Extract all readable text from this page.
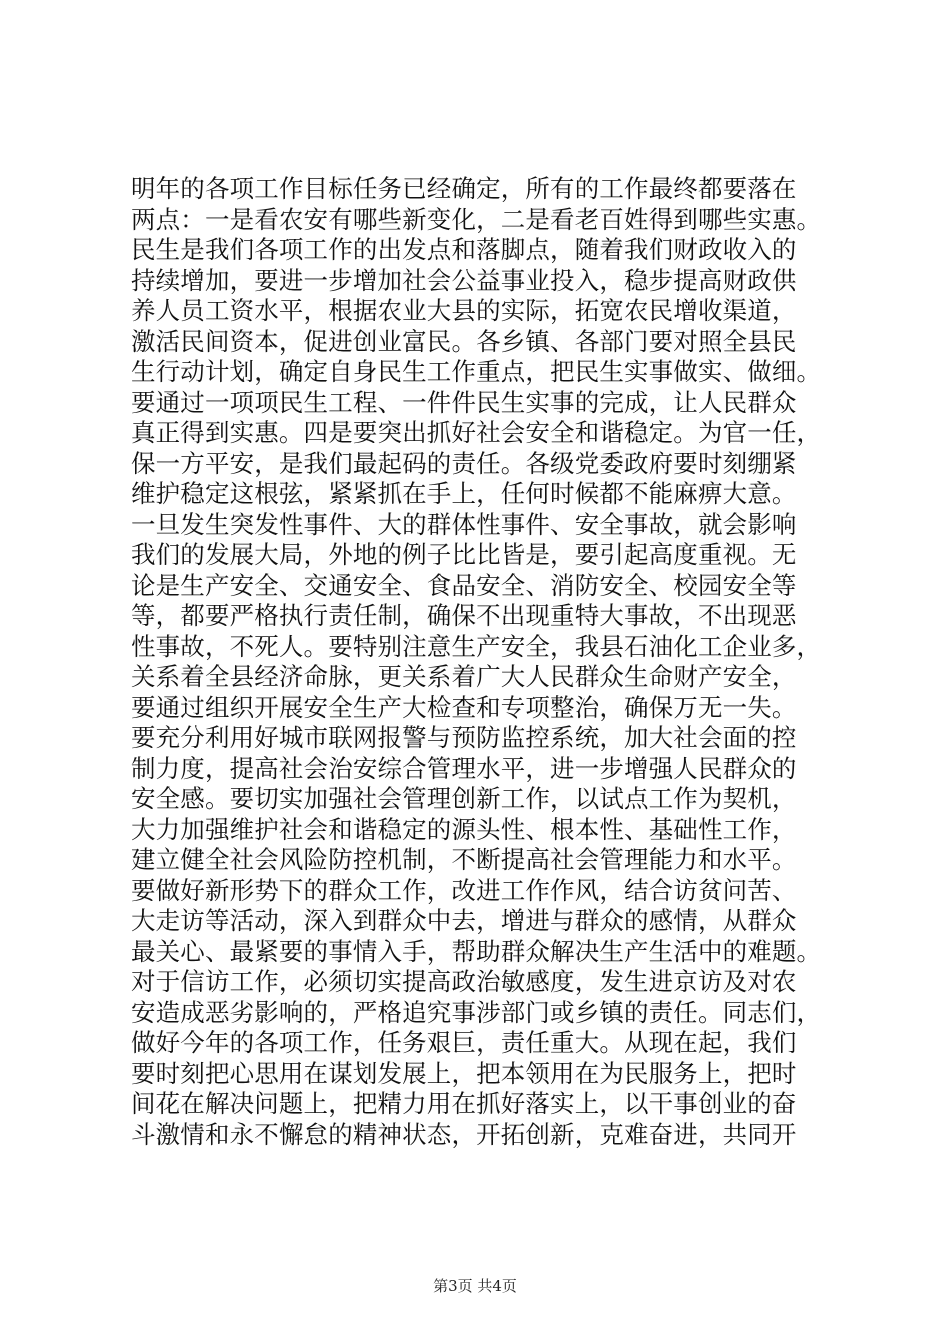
明年的各项工作目标任务已经确定，所有的工作最终都要落在
两点：一是看农安有哪些新变化，二是看老百姓得到哪些实惠。
民生是我们各项工作的出发点和落脚点，随着我们财政收入的
持续增加，要进一步增加社会公益事业投入，稳步提高财政供
养人员工资水平，根据农业大县的实际，拓宽农民增收渠道，
激活民间资本，促进创业富民。各乡镇、各部门要对照全县民
生行动计划，确定自身民生工作重点，把民生实事做实、做细。
要通过一项项民生工程、一件件民生实事的完成，让人民群众
真正得到实惠。四是要突出抓好社会安全和谐稳定。为官一任，
保一方平安，是我们最起码的责任。各级党委政府要时刻绷紧
维护稳定这根弦，紧紧抓在手上，任何时候都不能麻痹大意。
一旦发生突发性事件、大的群体性事件、安全事故，就会影响
我们的发展大局，外地的例子比比皆是，要引起高度重视。无
论是生产安全、交通安全、食品安全、消防安全、校园安全等
等，都要严格执行责任制，确保不出现重特大事故，不出现恶
性事故，不死人。要特别注意生产安全，我县石油化工企业多，
关系着全县经济命脉，更关系着广大人民群众生命财产安全，
要通过组织开展安全生产大检查和专项整治，确保万无一失。
要充分利用好城市联网报警与预防监控系统，加大社会面的控
制力度，提高社会治安综合管理水平，进一步增强人民群众的
安全感。要切实加强社会管理创新工作，以试点工作为契机，
大力加强维护社会和谐稳定的源头性、根本性、基础性工作，
建立健全社会风险防控机制，不断提高社会管理能力和水平。
要做好新形势下的群众工作，改进工作作风，结合访贫问苦、
大走访等活动，深入到群众中去，增进与群众的感情，从群众
最关心、最紧要的事情入手，帮助群众解决生产生活中的难题。
对于信访工作，必须切实提高政治敏感度，发生进京访及对农
安造成恶劣影响的，严格追究事涉部门或乡镇的责任。同志们，
做好今年的各项工作，任务艰巨，责任重大。从现在起，我们
要时刻把心思用在谋划发展上，把本领用在为民服务上，把时
间花在解决问题上，把精力用在抓好落实上，以干事创业的奋
斗激情和永不懈怠的精神状态，开拓创新，克难奋进，共同开
第3页 共4页
